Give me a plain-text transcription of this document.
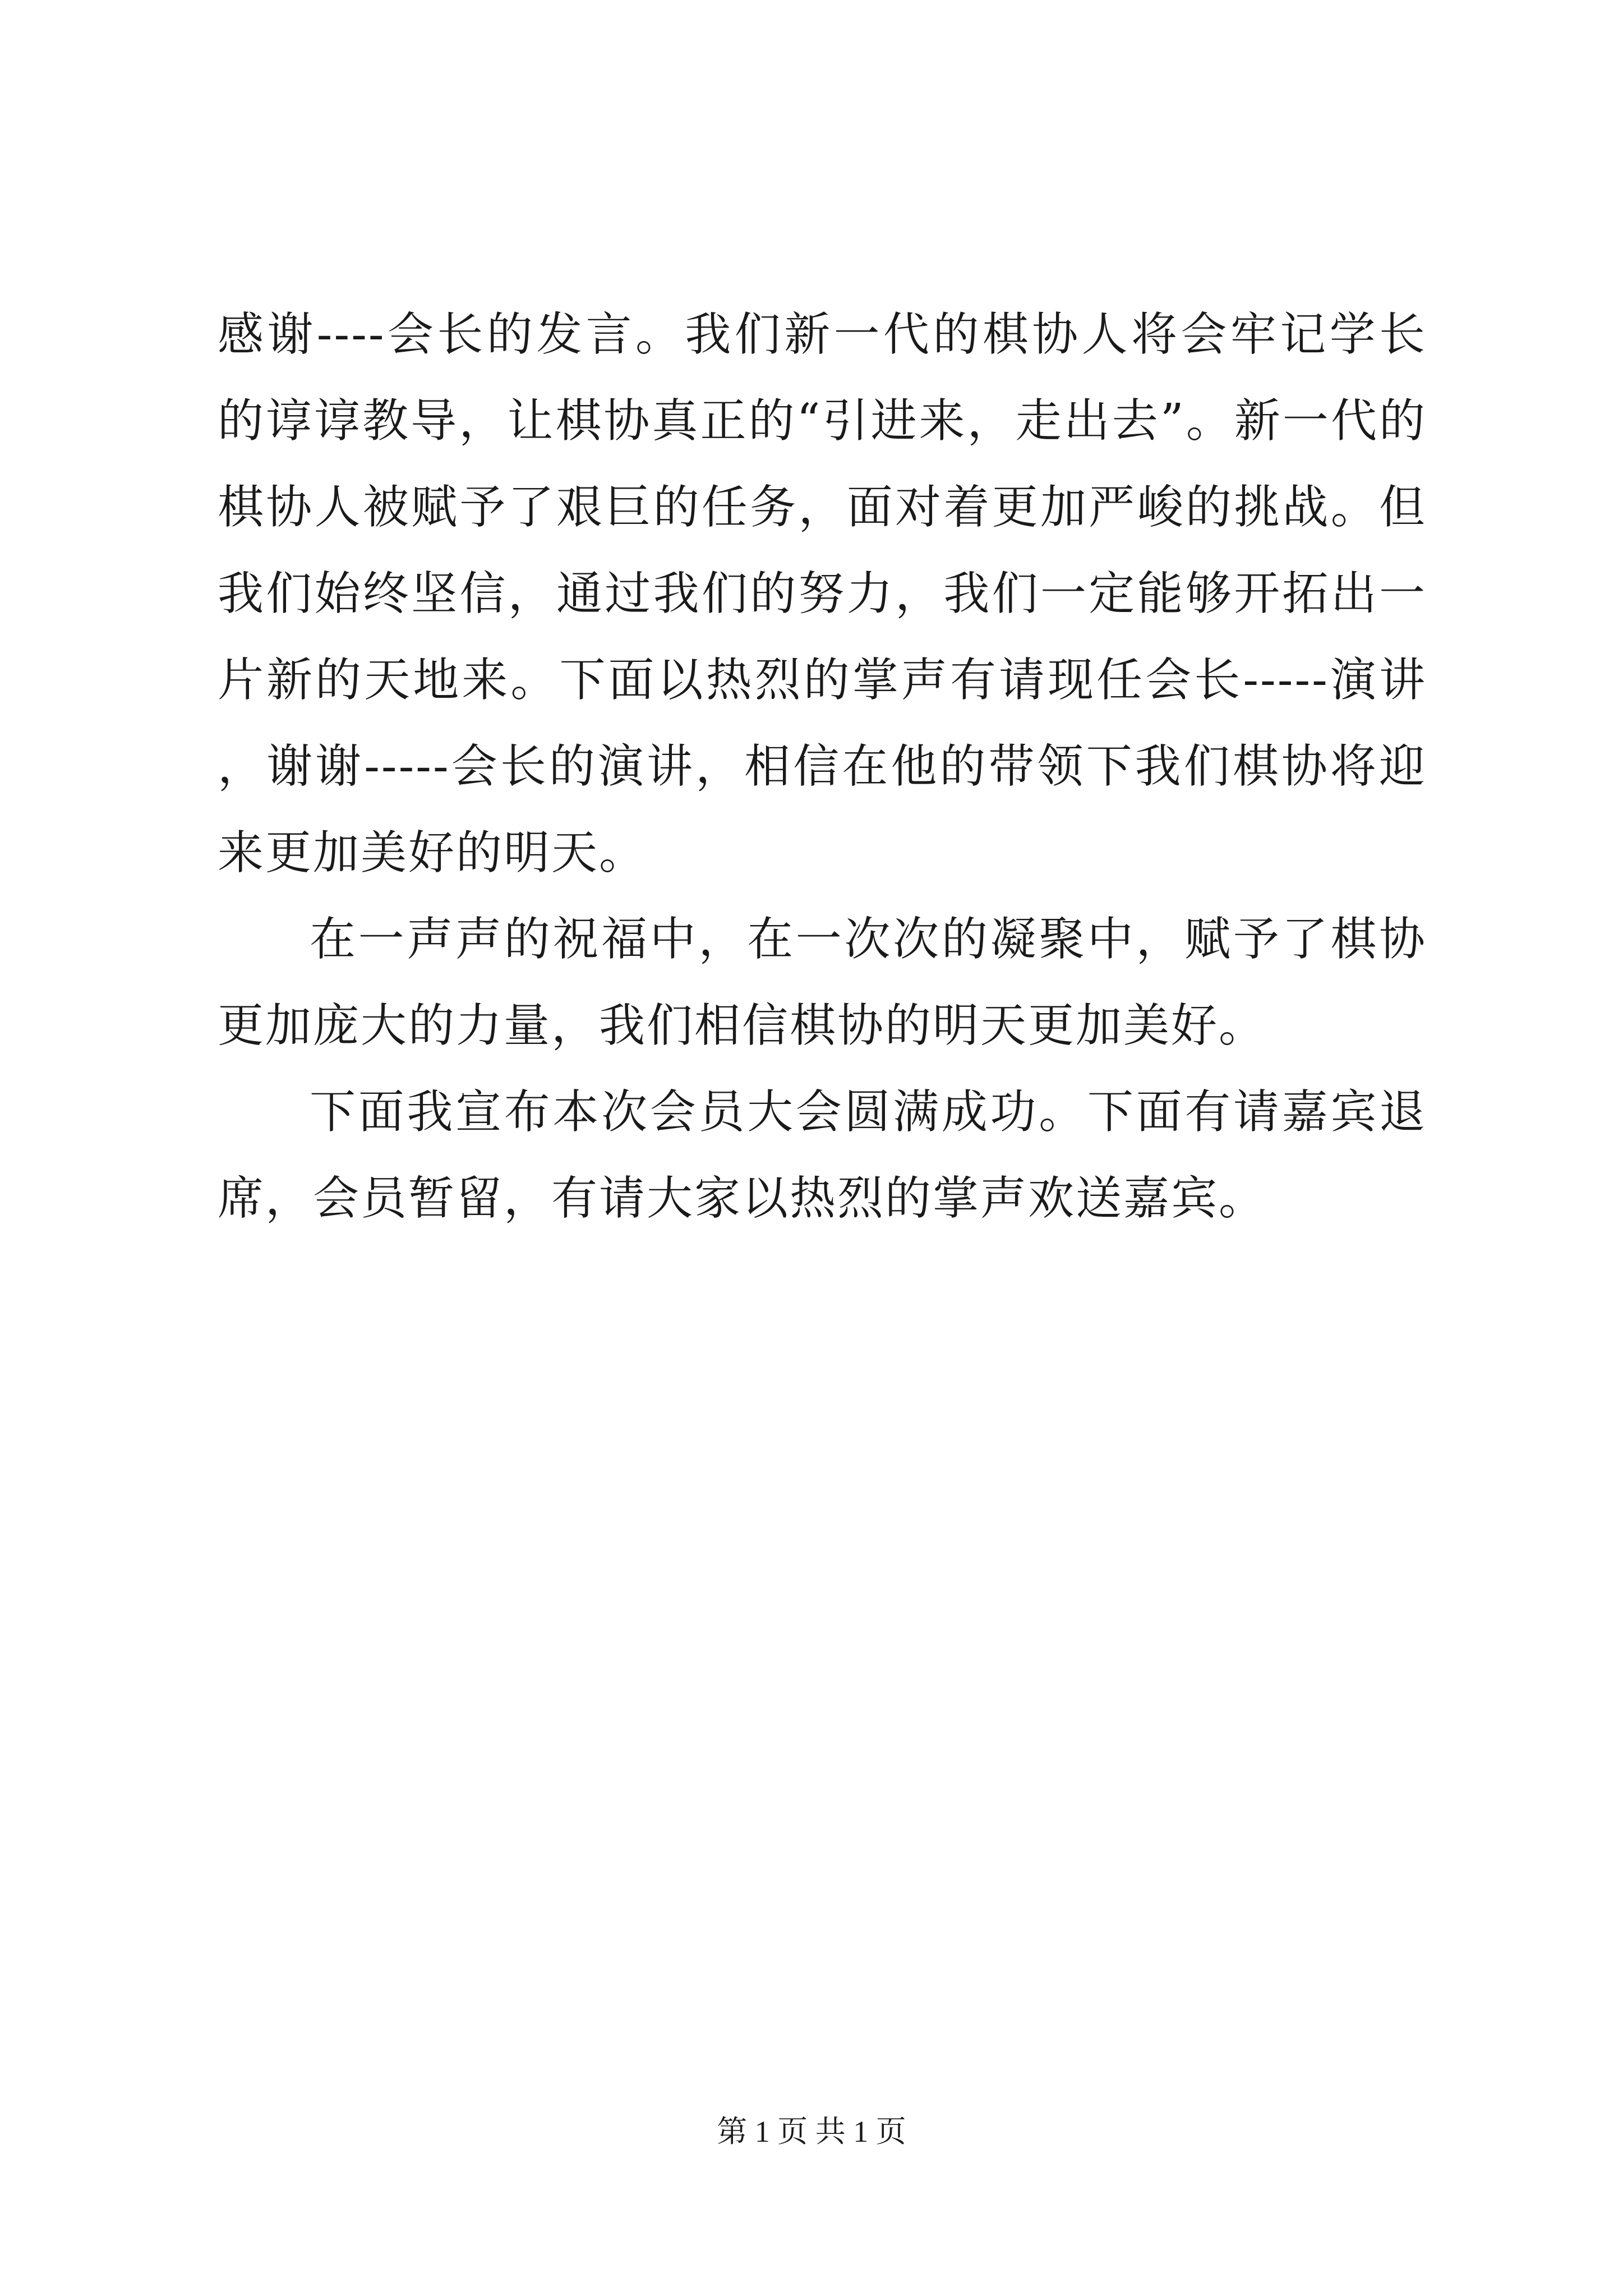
感谢----会长的发言。我们新一代的棋协人将会牢记学长的谆谆教导，让棋协真正的“引进来，走出去”。新一代的棋协人被赋予了艰巨的任务，面对着更加严峻的挑战。但我们始终坚信，通过我们的努力，我们一定能够开拓出一片新的天地来。下面以热烈的掌声有请现任会长-----演讲，谢谢-----会长的演讲，相信在他的带领下我们棋协将迎来更加美好的明天。

在一声声的祝福中，在一次次的凝聚中，赋予了棋协更加庞大的力量，我们相信棋协的明天更加美好。

下面我宣布本次会员大会圆满成功。下面有请嘉宾退席，会员暂留，有请大家以热烈的掌声欢送嘉宾。

第 1 页 共 1 页
